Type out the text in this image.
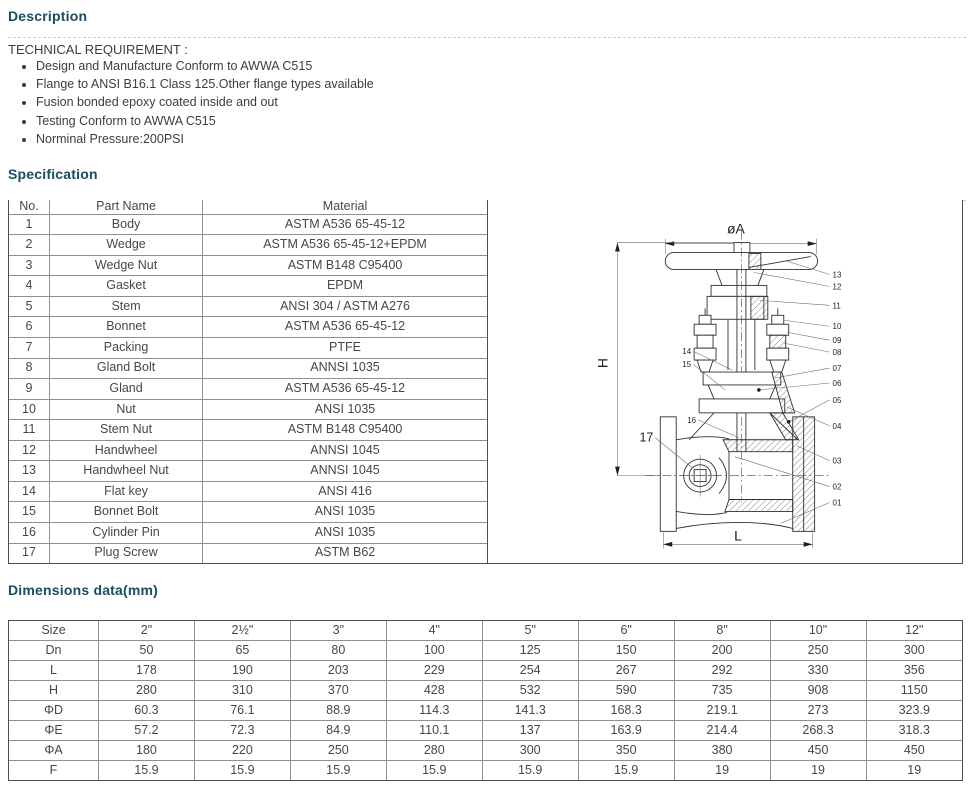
Description
TECHNICAL REQUIREMENT :
• Design and Manufacture Conform to AWWA C515
• Flange to ANSI B16.1 Class 125.Other flange types available
• Fusion bonded epoxy coated inside and out
• Testing Conform to AWWA C515
• Norminal Pressure:200PSI
Specification
No.	Part Name	Material
1	Body	ASTM A536 65-45-12
2	Wedge	ASTM A536 65-45-12+EPDM
3	Wedge Nut	ASTM B148 C95400
4	Gasket	EPDM
5	Stem	ANSI 304 / ASTM A276
6	Bonnet	ASTM A536 65-45-12
7	Packing	PTFE
8	Gland Bolt	ANNSI 1035
9	Gland	ASTM A536 65-45-12
10	Nut	ANSI 1035
11	Stem Nut	ASTM B148 C95400
12	Handwheel	ANNSI 1045
13	Handwheel Nut	ANNSI 1045
14	Flat key	ANSI 416
15	Bonnet Bolt	ANSI 1035
16	Cylinder Pin	ANSI 1035
17	Plug Screw	ASTM B62
øA
H
L
13
12
11
10
09
08
07
06
05
04
03
02
01
14
15
16
17
Dimensions data(mm)
Size	2"	2½"	3"	4"	5"	6"	8"	10"	12"
Dn	50	65	80	100	125	150	200	250	300
L	178	190	203	229	254	267	292	330	356
H	280	310	370	428	532	590	735	908	1150
ΦD	60.3	76.1	88.9	114.3	141.3	168.3	219.1	273	323.9
ΦE	57.2	72.3	84.9	110.1	137	163.9	214.4	268.3	318.3
ΦA	180	220	250	280	300	350	380	450	450
F	15.9	15.9	15.9	15.9	15.9	15.9	19	19	19
